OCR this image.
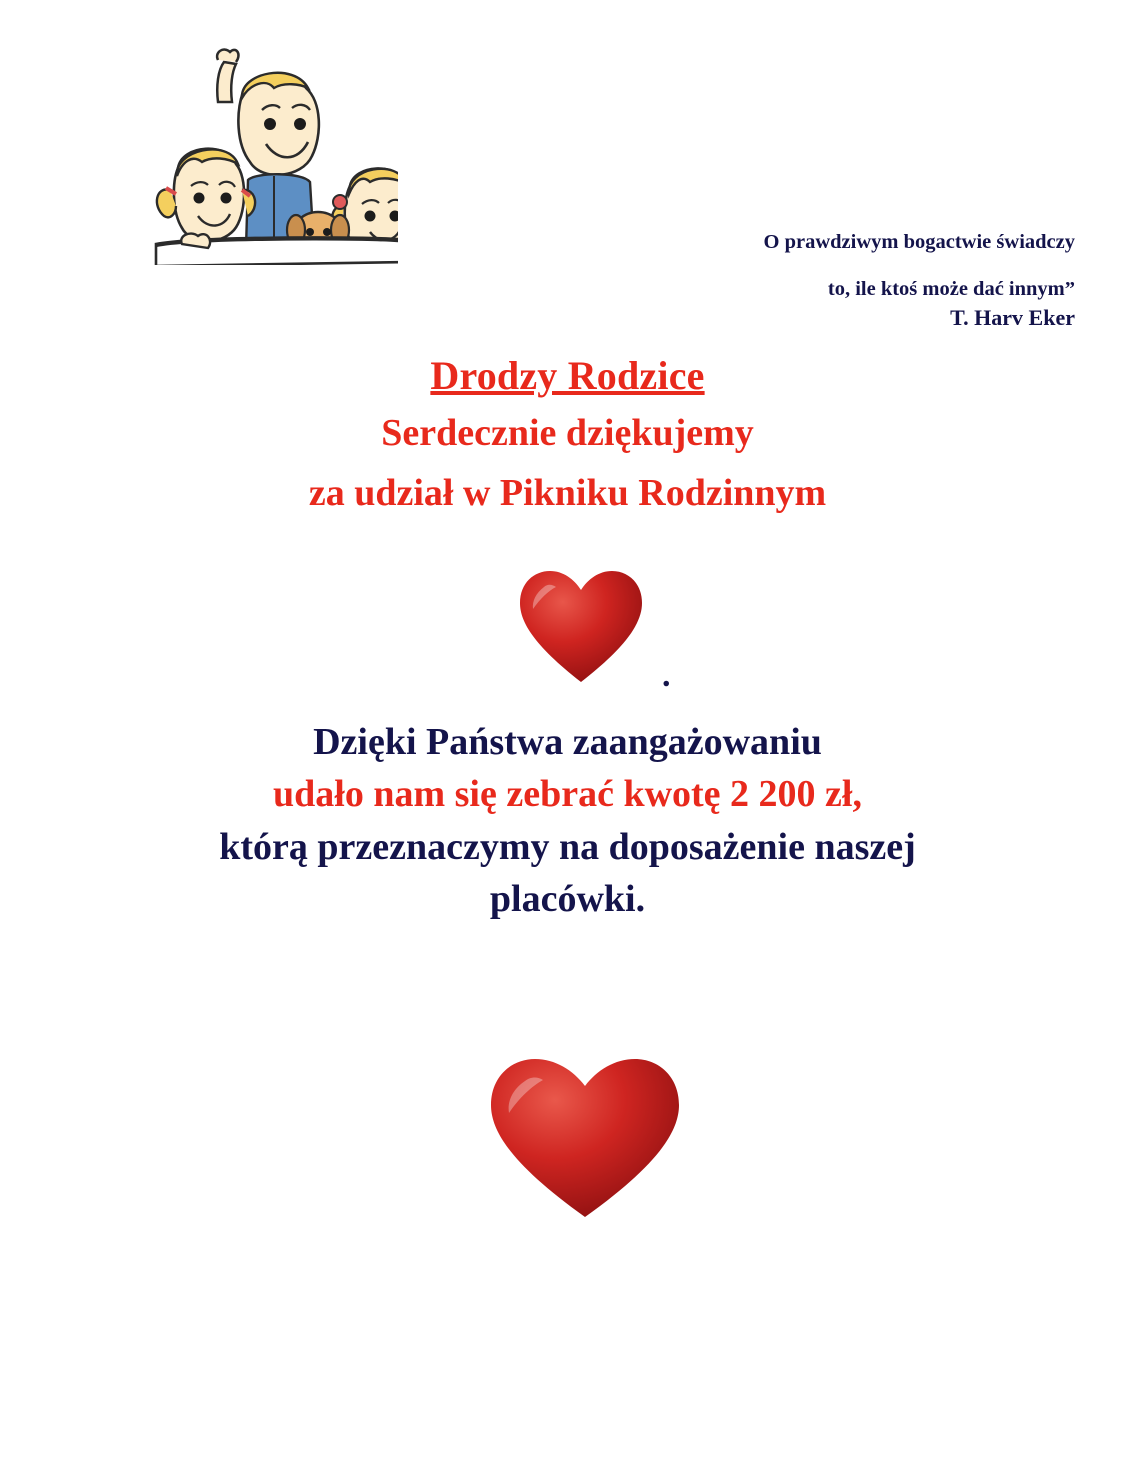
O prawdziwym bogactwie świadczy
to, ile ktoś może dać innym”
T. Harv Eker
Drodzy Rodzice
Serdecznie dziękujemy
za udział w Pikniku Rodzinnym
.
Dzięki Państwa zaangażowaniu
udało nam się zebrać kwotę 2 200 zł,
którą przeznaczymy na doposażenie naszej
placówki.
